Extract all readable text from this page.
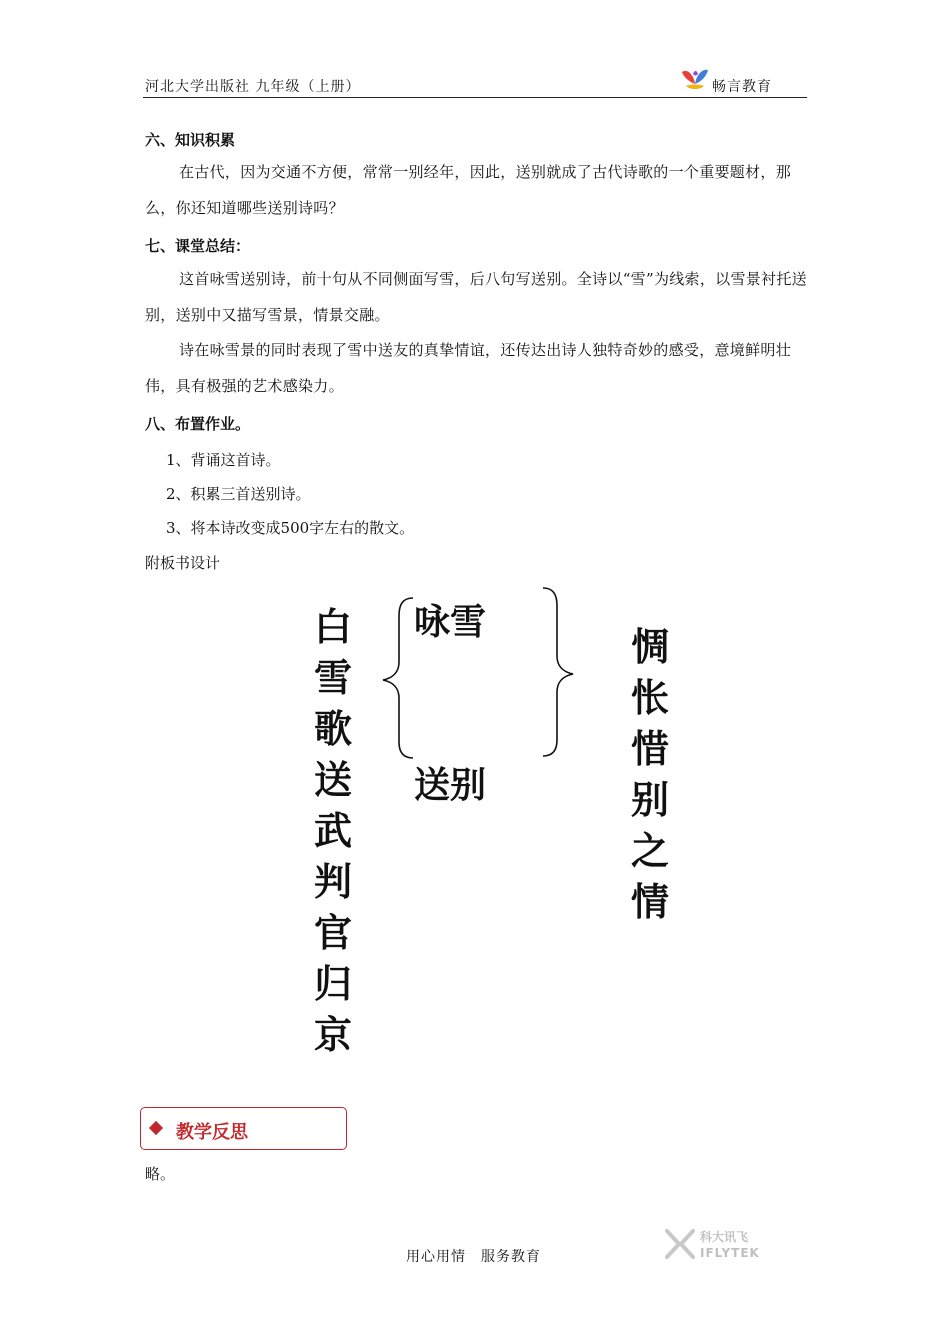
河北大学出版社 九年级（上册）	畅言教育
六、知识积累
在古代，因为交通不方便，常常一别经年，因此，送别就成了古代诗歌的一个重要题材，那么，你还知道哪些送别诗吗？
七、课堂总结：
这首咏雪送别诗，前十句从不同侧面写雪，后八句写送别。全诗以“雪”为线索，以雪景衬托送别，送别中又描写雪景，情景交融。
诗在咏雪景的同时表现了雪中送友的真挚情谊，还传达出诗人独特奇妙的感受，意境鲜明壮伟，具有极强的艺术感染力。
八、布置作业。
1、背诵这首诗。
2、积累三首送别诗。
3、将本诗改变成500字左右的散文。
附板书设计
白
雪
歌
送
武
判
官
归
京
咏雪
送别
惆
怅
惜
别
之
情
教学反思
略。
用心用情　服务教育
科大讯飞
IFLYTEK
